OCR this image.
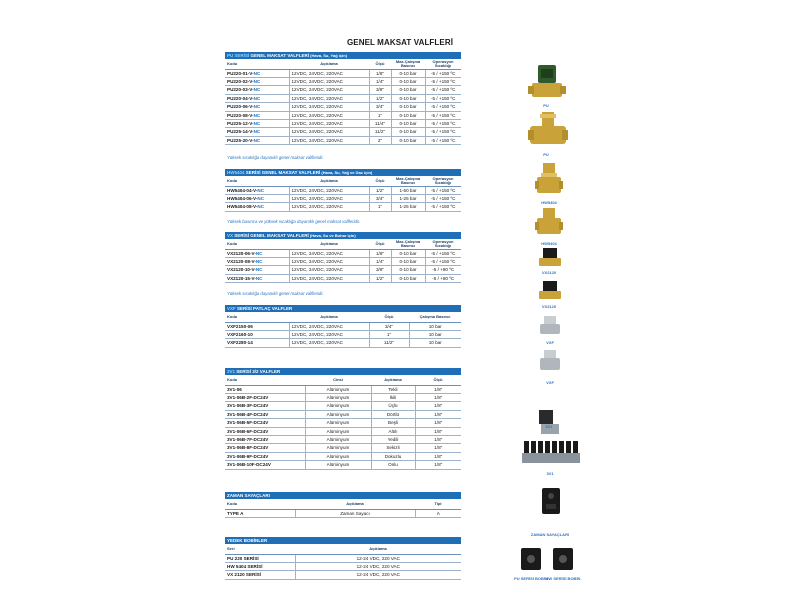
GENEL MAKSAT VALFLERİ
PU SERİSİ GENEL MAKSAT VALFLERİ (Hava, Su, Yağ için)
Kodu	Açıklama	Ölçü	Max.Çalışma Basıncı	Operasyon Sıcaklığı
PU220-01-V-NC	12VDC, 24VDC, 220VAC	1/8"	0-10 bar	-5 / +150 ºC
PU220-02-V-NC	12VDC, 24VDC, 220VAC	1/4"	0-10 bar	-5 / +150 ºC
PU220-03-V-NC	12VDC, 24VDC, 220VAC	3/8"	0-10 bar	-5 / +150 ºC
PU220-04-V-NC	12VDC, 24VDC, 220VAC	1/2"	0-10 bar	-5 / +150 ºC
PU220-06-V-NC	12VDC, 24VDC, 220VAC	3/4"	0-10 bar	-5 / +150 ºC
PU220-08-V-NC	12VDC, 24VDC, 220VAC	1"	0-10 bar	-5 / +150 ºC
PU225-12-V-NC	12VDC, 24VDC, 220VAC	11/4"	0-10 bar	-5 / +150 ºC
PU225-14-V-NC	12VDC, 24VDC, 220VAC	11/2"	0-10 bar	-5 / +150 ºC
PU225-20-V-NC	12VDC, 24VDC, 220VAC	2"	0-10 bar	-5 / +150 ºC
Yüksek sıcaklığa dayanıklı genel maksat valfleridir.
HW5404 SERİSİ GENEL MAKSAT VALFLERİ (Hava, Su, Yağ ve Gaz için)
Kodu	Açıklama	Ölçü	Max.Çalışma Basıncı	Operasyon Sıcaklığı
HW5404-04-V-NC	12VDC, 24VDC, 220VAC	1/2"	1-50 bar	-5 / +150 ºC
HW5404-06-V-NC	12VDC, 24VDC, 220VAC	3/4"	1-25 bar	-5 / +150 ºC
HW5404-08-V-NC	12VDC, 24VDC, 220VAC	1"	1-25 bar	-5 / +150 ºC
Yüksek basınca ve yüksek sıcaklığa dayanıklı genel maksat valfleridir.
VX SERİSİ GENEL MAKSAT VALFLERİ (Hava, Su ve Buhar için)
Kodu	Açıklama	Ölçü	Max.Çalışma Basıncı	Operasyon Sıcaklığı
VX2120-06-V-NC	12VDC, 24VDC, 220VAC	1/8"	0-10 bar	-5 / +150 ºC
VX2120-08-V-NC	12VDC, 24VDC, 220VAC	1/4"	0-10 bar	-5 / +150 ºC
VX2120-10-V-NC	12VDC, 24VDC, 220VAC	3/8"	0-10 bar	-5 / +80 ºC
VX2120-15-V-NC	12VDC, 24VDC, 220VAC	1/2"	0-10 bar	-5 / +80 ºC
Yüksek sıcaklığa dayanıklı genel maksat valfleridir.
VXF SERİSİ PATLAÇ VALFLER
Kodu	Açıklama	Ölçü	Çalışma Basıncı
VXF2150-06	12VDC, 24VDC, 220VAC	3/4"	10 bar
VXF2160-10	12VDC, 24VDC, 220VAC	1"	10 bar
VXF2280-14	12VDC, 24VDC, 220VAC	11/2"	10 bar
3V1 SERİSİ 3/2 VALFLER
Kodu	Cinsi	Açıklama	Ölçü
3V1-06	Alüminyum	Tekli	1/8"
3V1-06B-2F-DC24V	Alüminyum	İkili	1/8"
3V1-06B-3F-DC24V	Alüminyum	Üçlü	1/8"
3V1-06B-4F-DC24V	Alüminyum	Dörtlü	1/8"
3V1-06B-5F-DC24V	Alüminyum	Beşli	1/8"
3V1-06B-6F-DC24V	Alüminyum	Altılı	1/8"
3V1-06B-7F-DC24V	Alüminyum	Yedili	1/8"
3V1-06B-8F-DC24V	Alüminyum	Sekizli	1/8"
3V1-06B-9F-DC24V	Alüminyum	Dokuzlu	1/8"
3V1-06B-10F-DC24V	Alüminyum	Onlu	1/8"
ZAMAN SAYAÇLARI
Kodu	Açıklama	Tipi
TYPE A	Zaman Sayacı	A
YEDEK BOBİNLER
Seri	Açıklama
PU 220 SERİSİ	12-24 VDC, 220 VAC
HW 5404 SERİSİ	12-24 VDC, 220 VAC
VX 2120 SERİSİ	12-24 VDC, 220 VAC
PU
PU
HW5404
HW5404
VX2120
VX2120
VXF
VXF
3V1
3V1
ZAMAN SAYAÇLARI
PU SERİSİ BOBİN
HW SERİSİ BOBİN
